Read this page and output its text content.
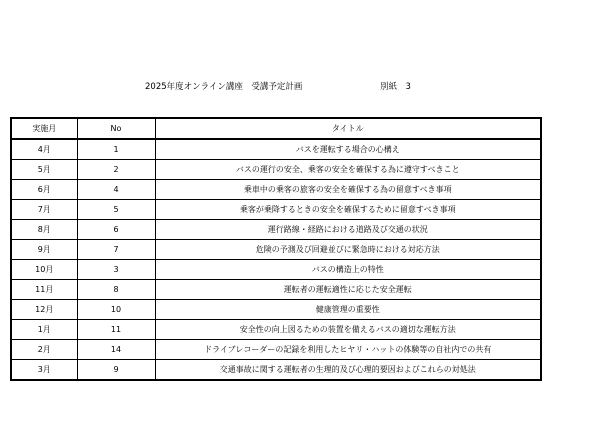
2025年度オンライン講座　受講予定計画	別紙　3
実施月	No	タイトル
4月	1	バスを運転する場合の心構え
5月	2	バスの運行の安全、乗客の安全を確保する為に遵守すべきこと
6月	4	乗車中の乗客の旅客の安全を確保する為の留意すべき事項
7月	5	乗客が乗降するときの安全を確保するために留意すべき事項
8月	6	運行路線・経路における道路及び交通の状況
9月	7	危険の予測及び回避並びに緊急時における対応方法
10月	3	バスの構造上の特性
11月	8	運転者の運転適性に応じた安全運転
12月	10	健康管理の重要性
1月	11	安全性の向上図るための装置を備えるバスの適切な運転方法
2月	14	ドライブレコーダーの記録を利用したヒヤリ・ハットの体験等の自社内での共有
3月	9	交通事故に関する運転者の生理的及び心理的要因およびこれらの対処法
